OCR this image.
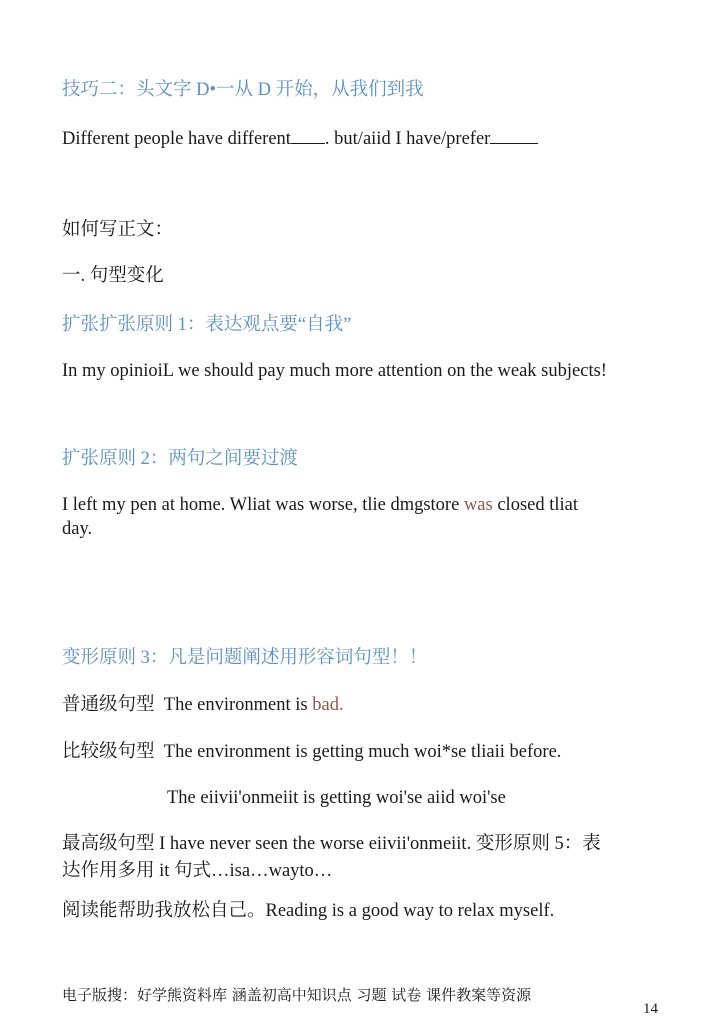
技巧二：头文字 D•一从 D 开始，从我们到我
Different people have different . but/aiid I have/prefer
如何写正文：
一. 句型变化
扩张扩张原则 1：表达观点要“自我”
In my opinioiL we should pay much more attention on the weak subjects!
扩张原则 2：两句之间要过渡
I left my pen at home. Wliat was worse, tlie dmgstore was closed tliat
day.
变形原则 3：凡是问题阐述用形容词句型！！
普通级句型 The environment is bad.
比较级句型 The environment is getting much woi*se tliaii before.
The eiivii'onmeiit is getting woi'se aiid woi'se
最高级句型 I have never seen the worse eiivii'onmeiit. 变形原则 5：表
达作用多用 it 句式…isa…wayto…
阅读能帮助我放松自己。Reading is a good way to relax myself.
电子版搜：好学熊资料库 涵盖初高中知识点 习题 试卷 课件教案等资源
14
